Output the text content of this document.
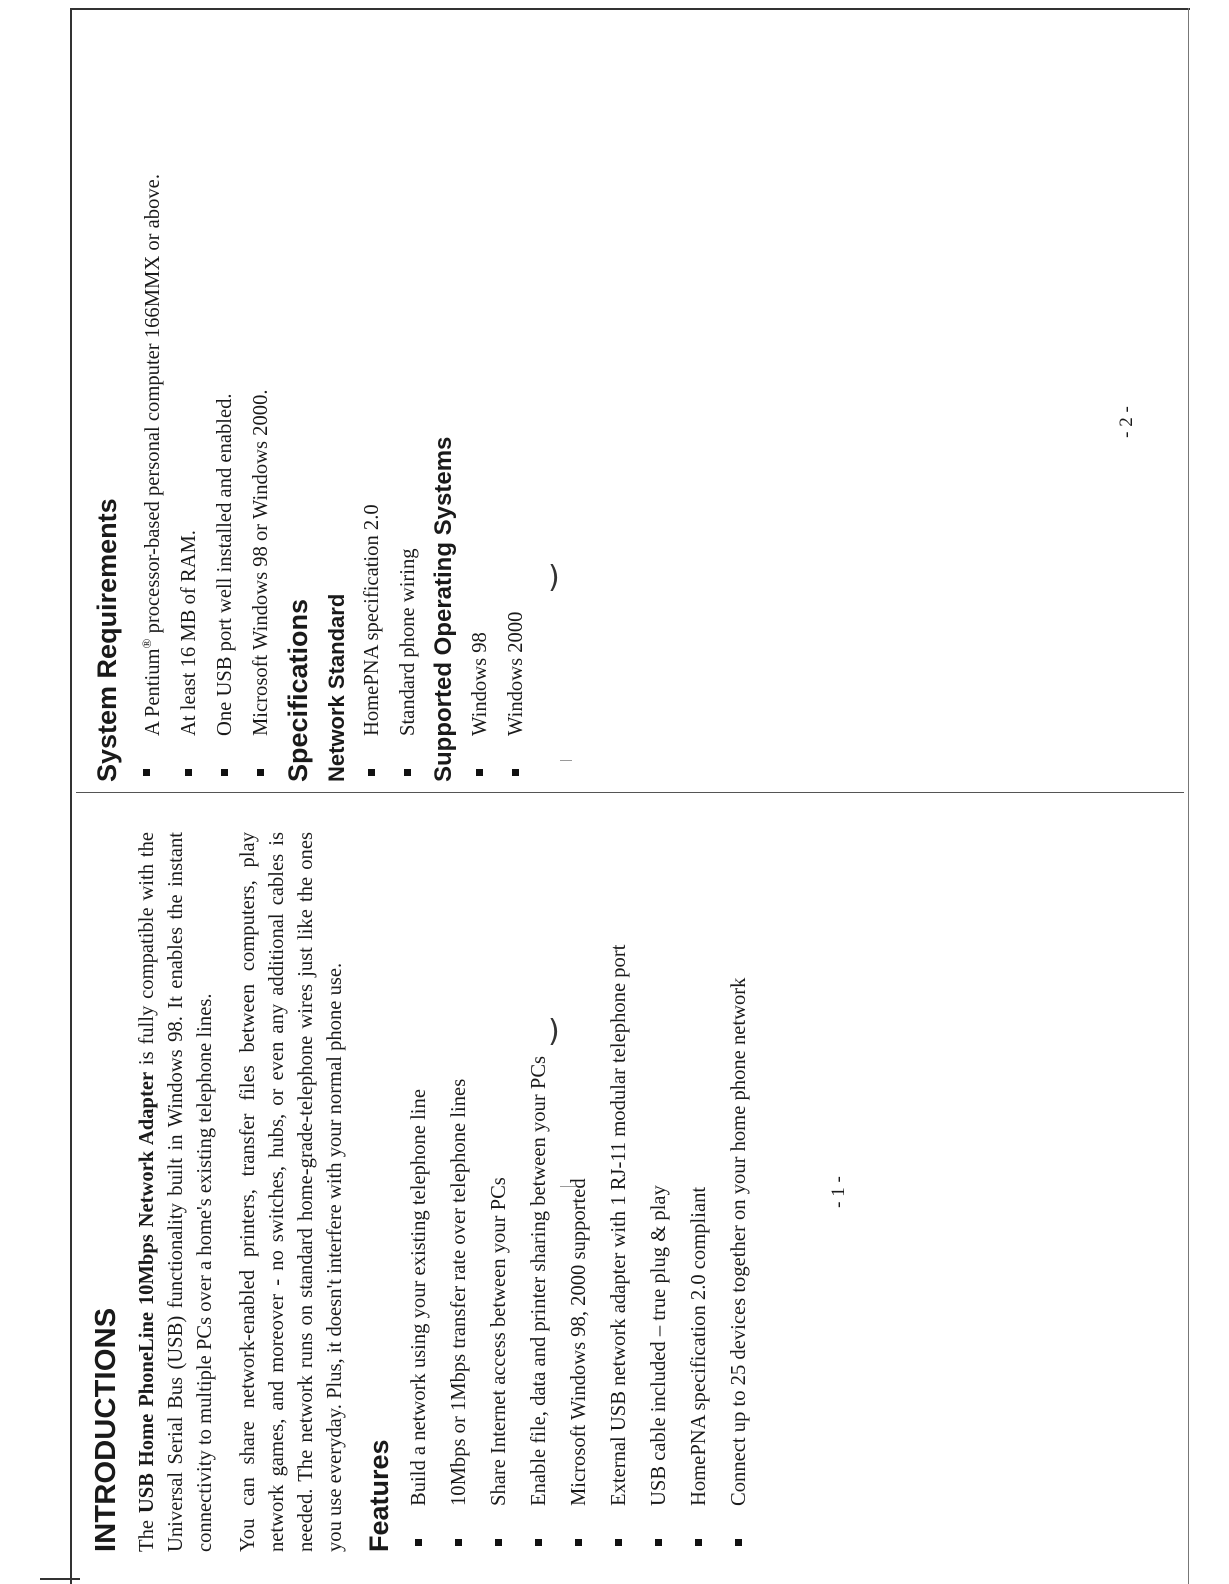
)
)
INTRODUCTIONS The USB Home PhoneLine 10Mbps Network Adapter is fully compatible with the Universal Serial Bus (USB) functionality built in Windows 98. It enables the instant connectivity to multiple PCs over a home's existing telephone lines. You can share network-enabled printers, transfer files between computers, play network games, and moreover - no switches, hubs, or even any additional cables is needed. The network runs on standard home-grade-telephone wires just like the ones you use everyday. Plus, it doesn't interfere with your normal phone use. Features Build a network using your existing telephone line 10Mbps or 1Mbps transfer rate over telephone lines Share Internet access between your PCs Enable file, data and printer sharing between your PCs Microsoft Windows 98, 2000 supported External USB network adapter with 1 RJ-11 modular telephone port USB cable included – true plug & play HomePNA specification 2.0 compliant Connect up to 25 devices together on your home phone network	- 1 -
System Requirements A Pentium® processor-based personal computer 166MMX or above. At least 16 MB of RAM. One USB port well installed and enabled. Microsoft Windows 98 or Windows 2000. Specifications Network Standard HomePNA specification 2.0 Standard phone wiring Supported Operating Systems Windows 98 Windows 2000
- 2 -
